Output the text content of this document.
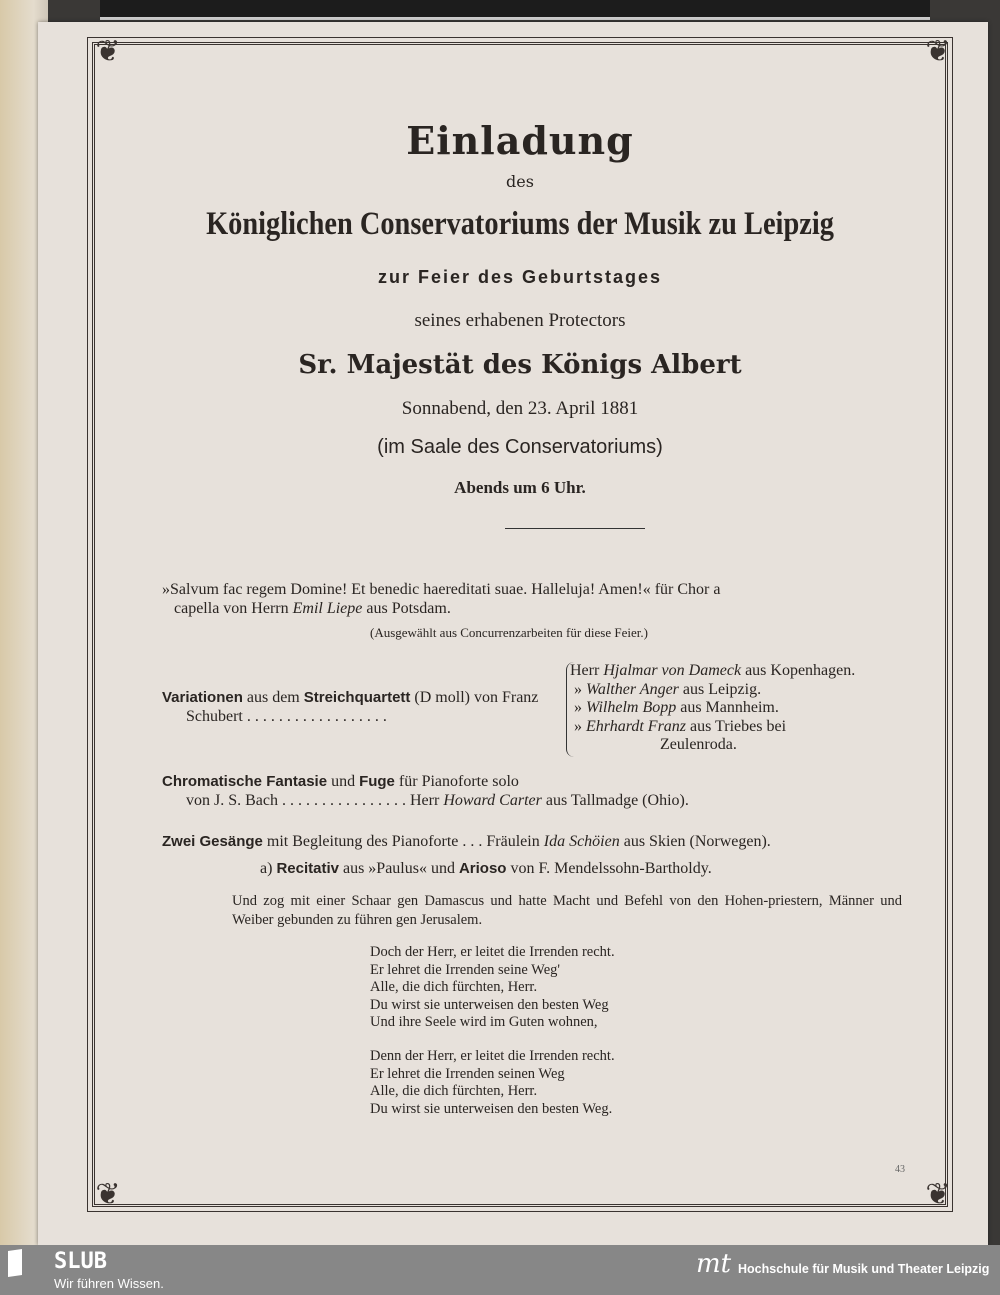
❦	❦
❦	❦
Einladung
des
Königlichen Conservatoriums der Musik zu Leipzig
zur Feier des Geburtstages
seines erhabenen Protectors
Sr. Majestät des Königs Albert
Sonnabend, den 23. April 1881
(im Saale des Conservatoriums)
Abends um 6 Uhr.
»Salvum fac regem Domine! Et benedic haereditati suae. Halleluja! Amen!« für Chor a
capella von Herrn Emil Liepe aus Potsdam.
(Ausgewählt aus Concurrenzarbeiten für diese Feier.)
Variationen aus dem Streichquartett (D moll) von Franz
Schubert . . . . . . . . . . . . . . . . . .
Herr Hjalmar von Dameck aus Kopenhagen.
» Walther Anger aus Leipzig.
» Wilhelm Bopp aus Mannheim.
» Ehrhardt Franz aus Triebes bei
Zeulenroda.
Chromatische Fantasie und Fuge für Pianoforte solo
von J. S. Bach . . . . . . . . . . . . . . . . Herr Howard Carter aus Tallmadge (Ohio).
Zwei Gesänge mit Begleitung des Pianoforte . . . Fräulein Ida Schöien aus Skien (Norwegen).
a) Recitativ aus »Paulus« und Arioso von F. Mendelssohn-Bartholdy.
Und zog mit einer Schaar gen Damascus und hatte Macht und Befehl von den Hohen-priestern, Männer und Weiber gebunden zu führen gen Jerusalem.
Doch der Herr, er leitet die Irrenden recht.
Er lehret die Irrenden seine Weg'
Alle, die dich fürchten, Herr.
Du wirst sie unterweisen den besten Weg
Und ihre Seele wird im Guten wohnen,
Denn der Herr, er leitet die Irrenden recht.
Er lehret die Irrenden seinen Weg
Alle, die dich fürchten, Herr.
Du wirst sie unterweisen den besten Weg.
43
SLUB
Wir führen Wissen.
mt Hochschule für Musik und Theater Leipzig
